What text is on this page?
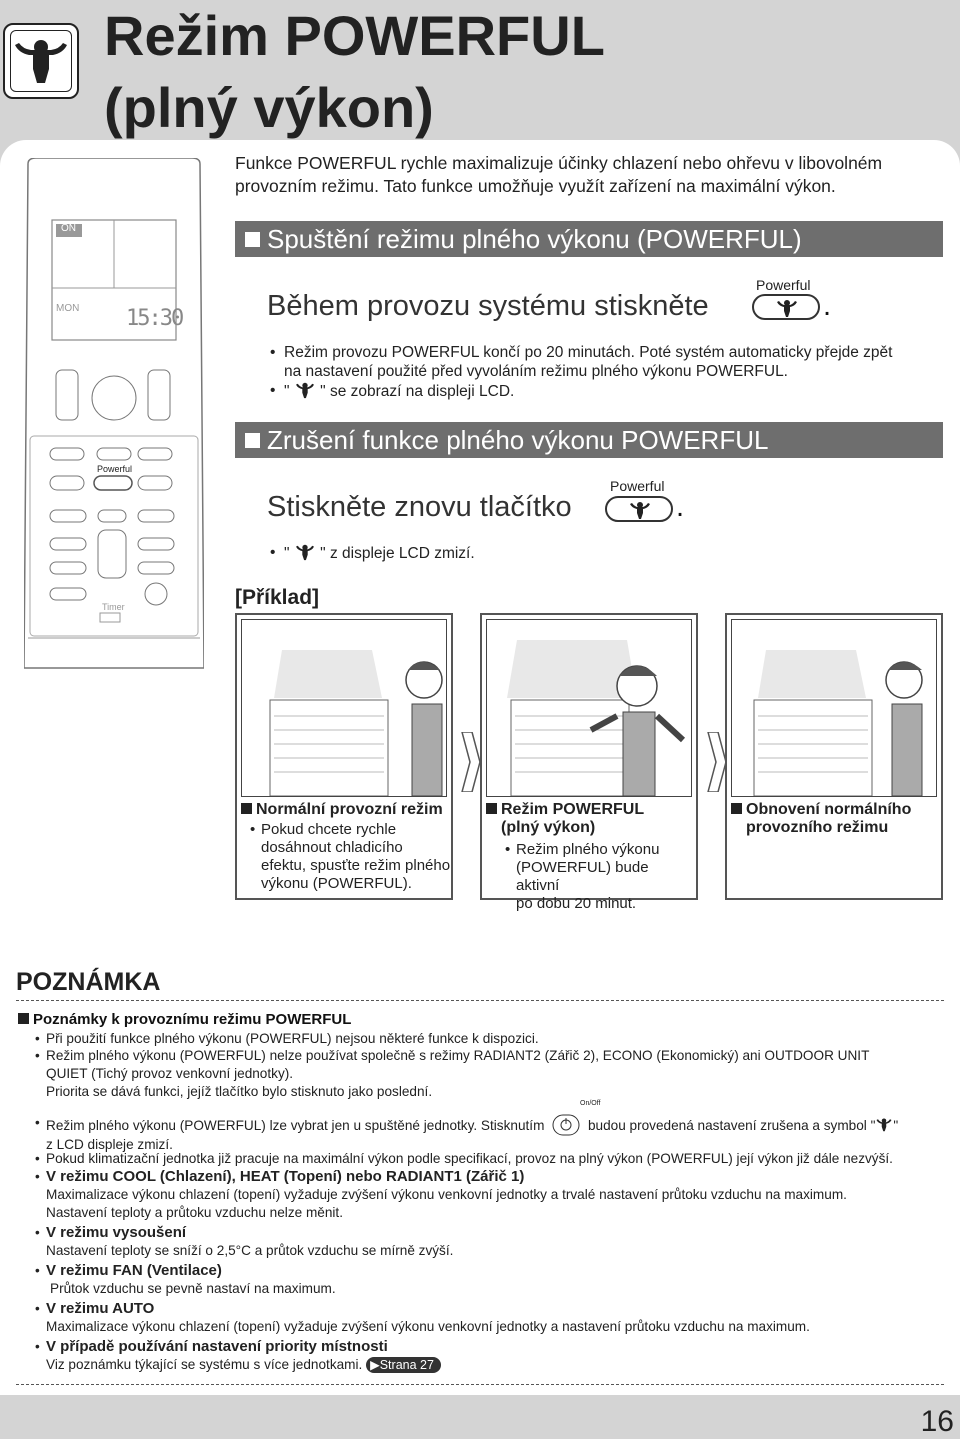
Režim POWERFUL
(plný výkon)
ON
MON 15:30
Powerful
Timer
Funkce POWERFUL rychle maximalizuje účinky chlazení nebo ohřevu v libovolném provozním režimu. Tato funkce umožňuje využít zařízení na maximální výkon.
Spuštění režimu plného výkonu (POWERFUL)
Powerful
Během provozu systému stiskněte	.
• Režim provozu POWERFUL končí po 20 minutách. Poté systém automaticky přejde zpět
na nastavení použité před vyvoláním režimu plného výkonu POWERFUL.
• " " se zobrazí na displeji LCD.
Zrušení funkce plného výkonu POWERFUL
Powerful
Stiskněte znovu tlačítko	.
• " " z displeje LCD zmizí.
[Příklad]
Normální provozní režim
• Pokud chcete rychle
dosáhnout chladicího
efektu, spusťte režim plného
výkonu (POWERFUL).
Režim POWERFUL
(plný výkon)
• Režim plného výkonu
(POWERFUL) bude aktivní
po dobu 20 minut.
Obnovení normálního
provozního režimu
POZNÁMKA
Poznámky k provoznímu režimu POWERFUL
• Při použití funkce plného výkonu (POWERFUL) nejsou některé funkce k dispozici.
• Režim plného výkonu (POWERFUL) nelze používat společně s režimy RADIANT2 (Zářič 2), ECONO (Ekonomický) ani OUTDOOR UNIT
QUIET (Tichý provoz venkovní jednotky).
Priorita se dává funkci, jejíž tlačítko bylo stisknuto jako poslední.
On/Off
• Režim plného výkonu (POWERFUL) lze vybrat jen u spuštěné jednotky. Stisknutím	budou provedená nastavení zrušena a symbol " "
z LCD displeje zmizí.
• Pokud klimatizační jednotka již pracuje na maximální výkon podle specifikací, provoz na plný výkon (POWERFUL) její výkon již dále nezvýší.
• V režimu COOL (Chlazení), HEAT (Topení) nebo RADIANT1 (Zářič 1)
Maximalizace výkonu chlazení (topení) vyžaduje zvýšení výkonu venkovní jednotky a trvalé nastavení průtoku vzduchu na maximum.
Nastavení teploty a průtoku vzduchu nelze měnit.
• V režimu vysoušení
Nastavení teploty se sníží o 2,5°C a průtok vzduchu se mírně zvýší.
• V režimu FAN (Ventilace)
Průtok vzduchu se pevně nastaví na maximum.
• V režimu AUTO
Maximalizace výkonu chlazení (topení) vyžaduje zvýšení výkonu venkovní jednotky a nastavení průtoku vzduchu na maximum.
• V případě používání nastavení priority místnosti
Viz poznámku týkající se systému s více jednotkami. ▶Strana 27
16
